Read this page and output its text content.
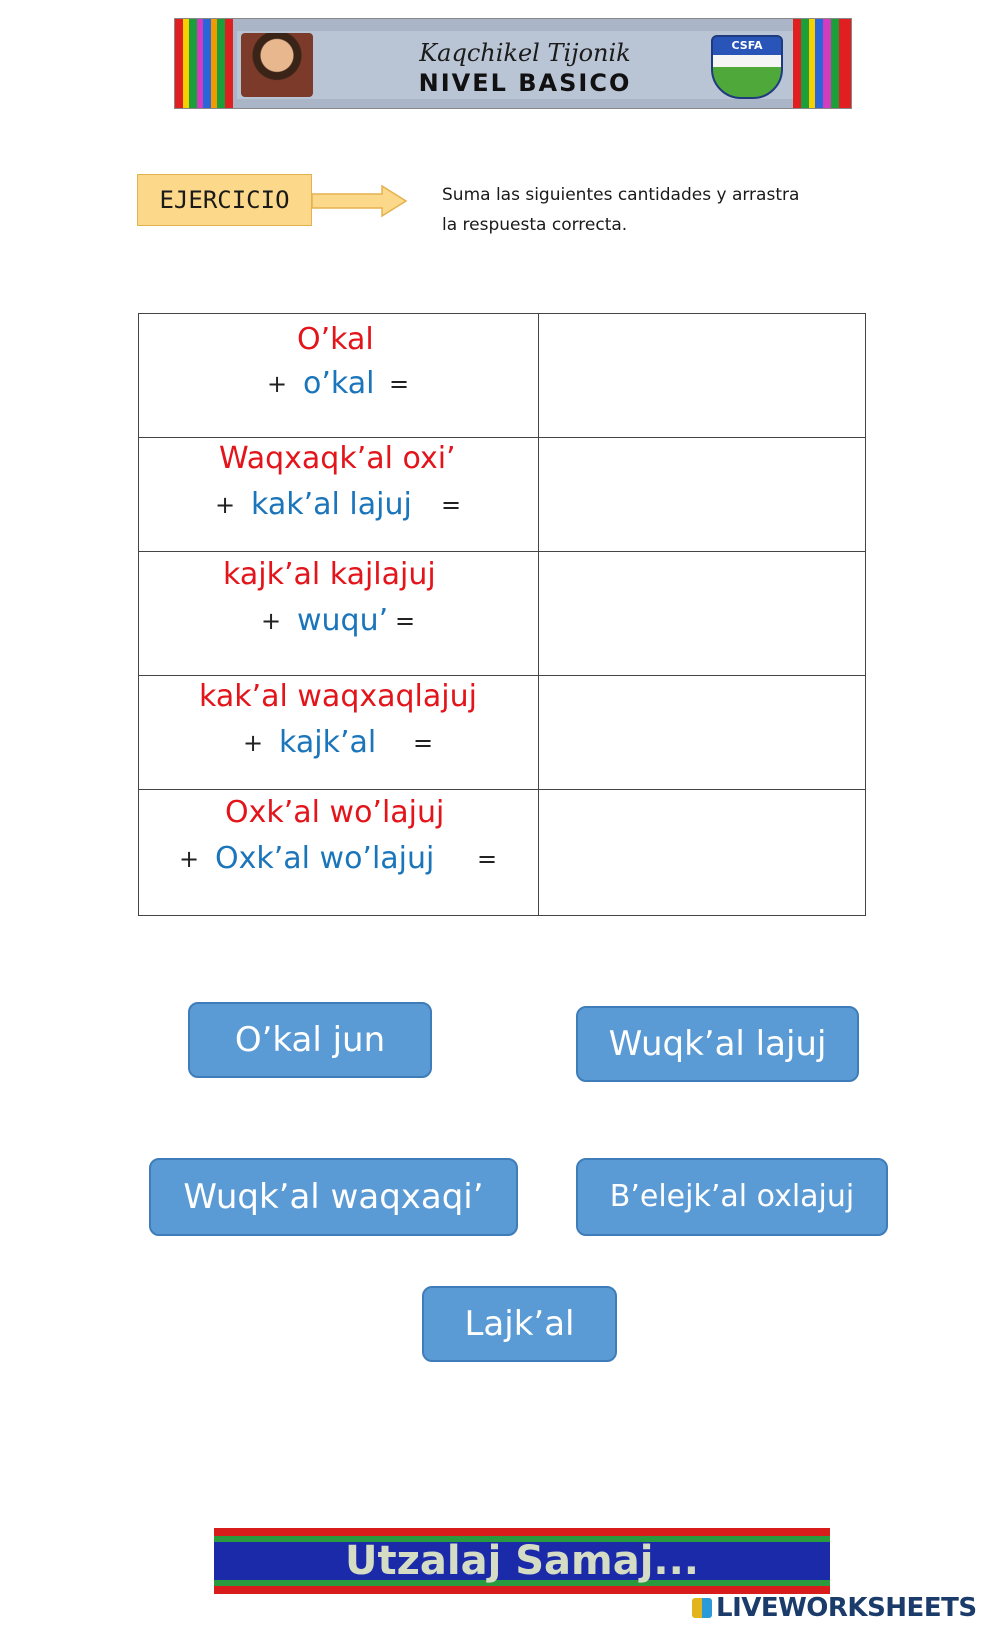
Kaqchikel Tijonik
NIVEL BASICO
CSFA
EJERCICIO	Suma las siguientes cantidades y arrastra
la respuesta correcta.
O’kal
+ o’kal =
Waqxaqk’al oxi’
+ kak’al lajuj =
kajk’al kajlajuj
+ wuqu’ =
kak’al waqxaqlajuj
+ kajk’al =
Oxk’al wo’lajuj
+ Oxk’al wo’lajuj =
O’kal jun	Wuqk’al lajuj
Wuqk’al waqxaqi’	B’elejk’al oxlajuj
Lajk’al
Utzalaj Samaj...
LIVEWORKSHEETS
